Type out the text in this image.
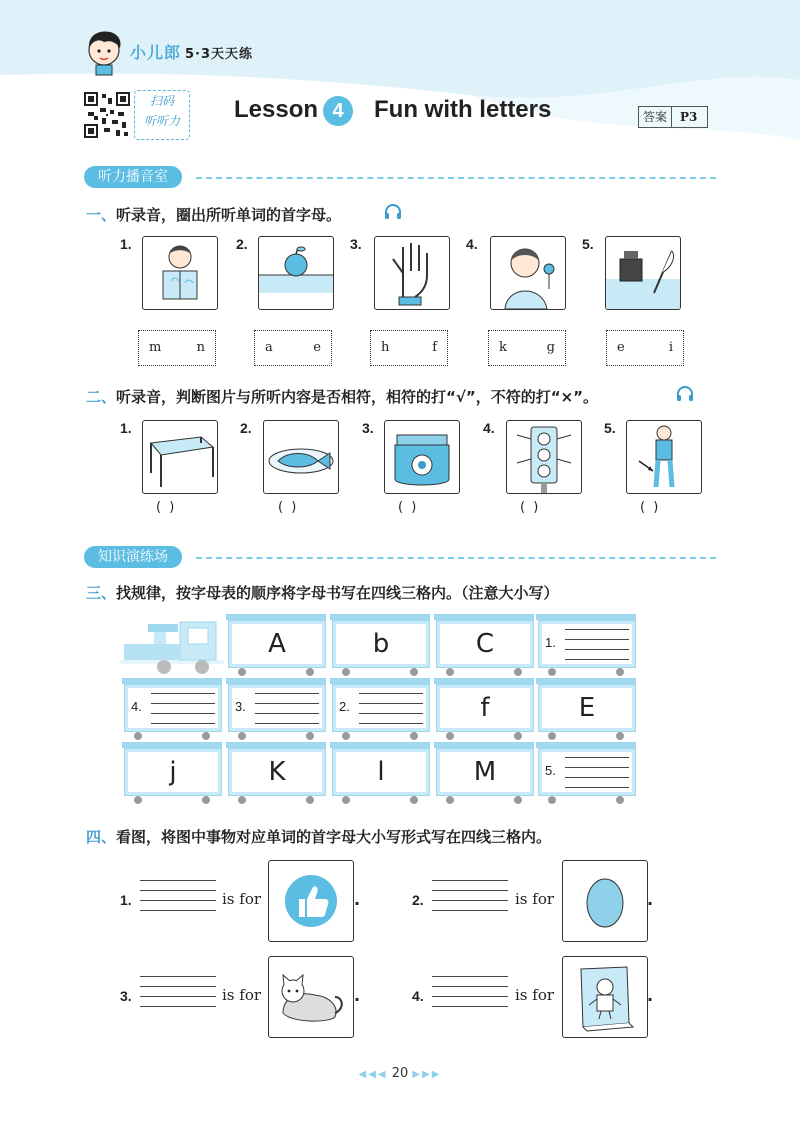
小儿郎 5·3天天练
扫码
听听力	Lesson 4	Fun with letters	答案 P3
听力播音室
一、听录音，圈出所听单词的首字母。
1.
m	n
2.
a	e
3.
h	f
4.
k	g
5.
e	i
二、听录音，判断图片与所听内容是否相符，相符的打“√”，不符的打“×”。
1.
( )
2.
( )
3.
( )
4.
( )
5.
( )
知识演练场
三、找规律，按字母表的顺序将字母书写在四线三格内。（注意大小写）
A	b	C	1.
4.	3.	2.	f	E
j	K	l	M	5.
四、看图，将图中事物对应单词的首字母大小写形式写在四线三格内。
1.	is for	.	2.	is for	.
3.	is for	.	4.	is for	.
◀◀◀ 20 ▶▶▶
